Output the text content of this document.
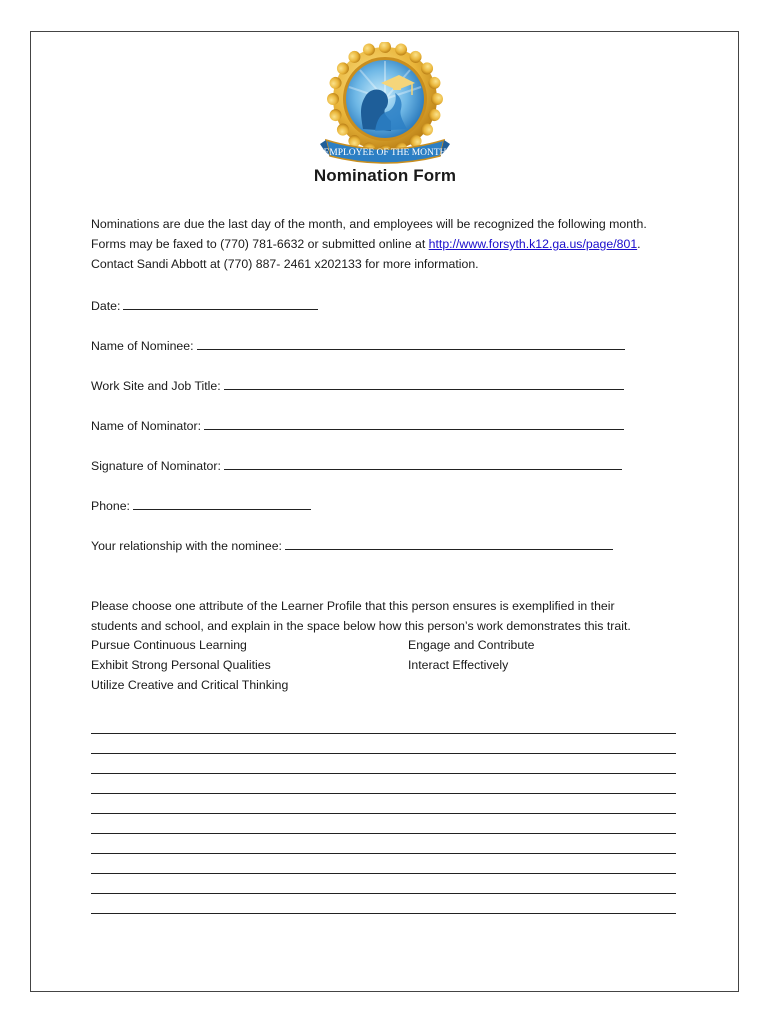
EMPLOYEE OF THE MONTH
Nomination Form
Nominations are due the last day of the month, and employees will be recognized the following month.
Forms may be faxed to (770) 781-6632 or submitted online at http://www.forsyth.k12.ga.us/page/801.
Contact Sandi Abbott at (770) 887- 2461 x202133 for more information.
Date:
Name of Nominee:
Work Site and Job Title:
Name of Nominator:
Signature of Nominator:
Phone:
Your relationship with the nominee:
Please choose one attribute of the Learner Profile that this person ensures is exemplified in their
students and school, and explain in the space below how this person’s work demonstrates this trait.
Pursue Continuous Learning	Engage and Contribute
Exhibit Strong Personal Qualities	Interact Effectively
Utilize Creative and Critical Thinking
